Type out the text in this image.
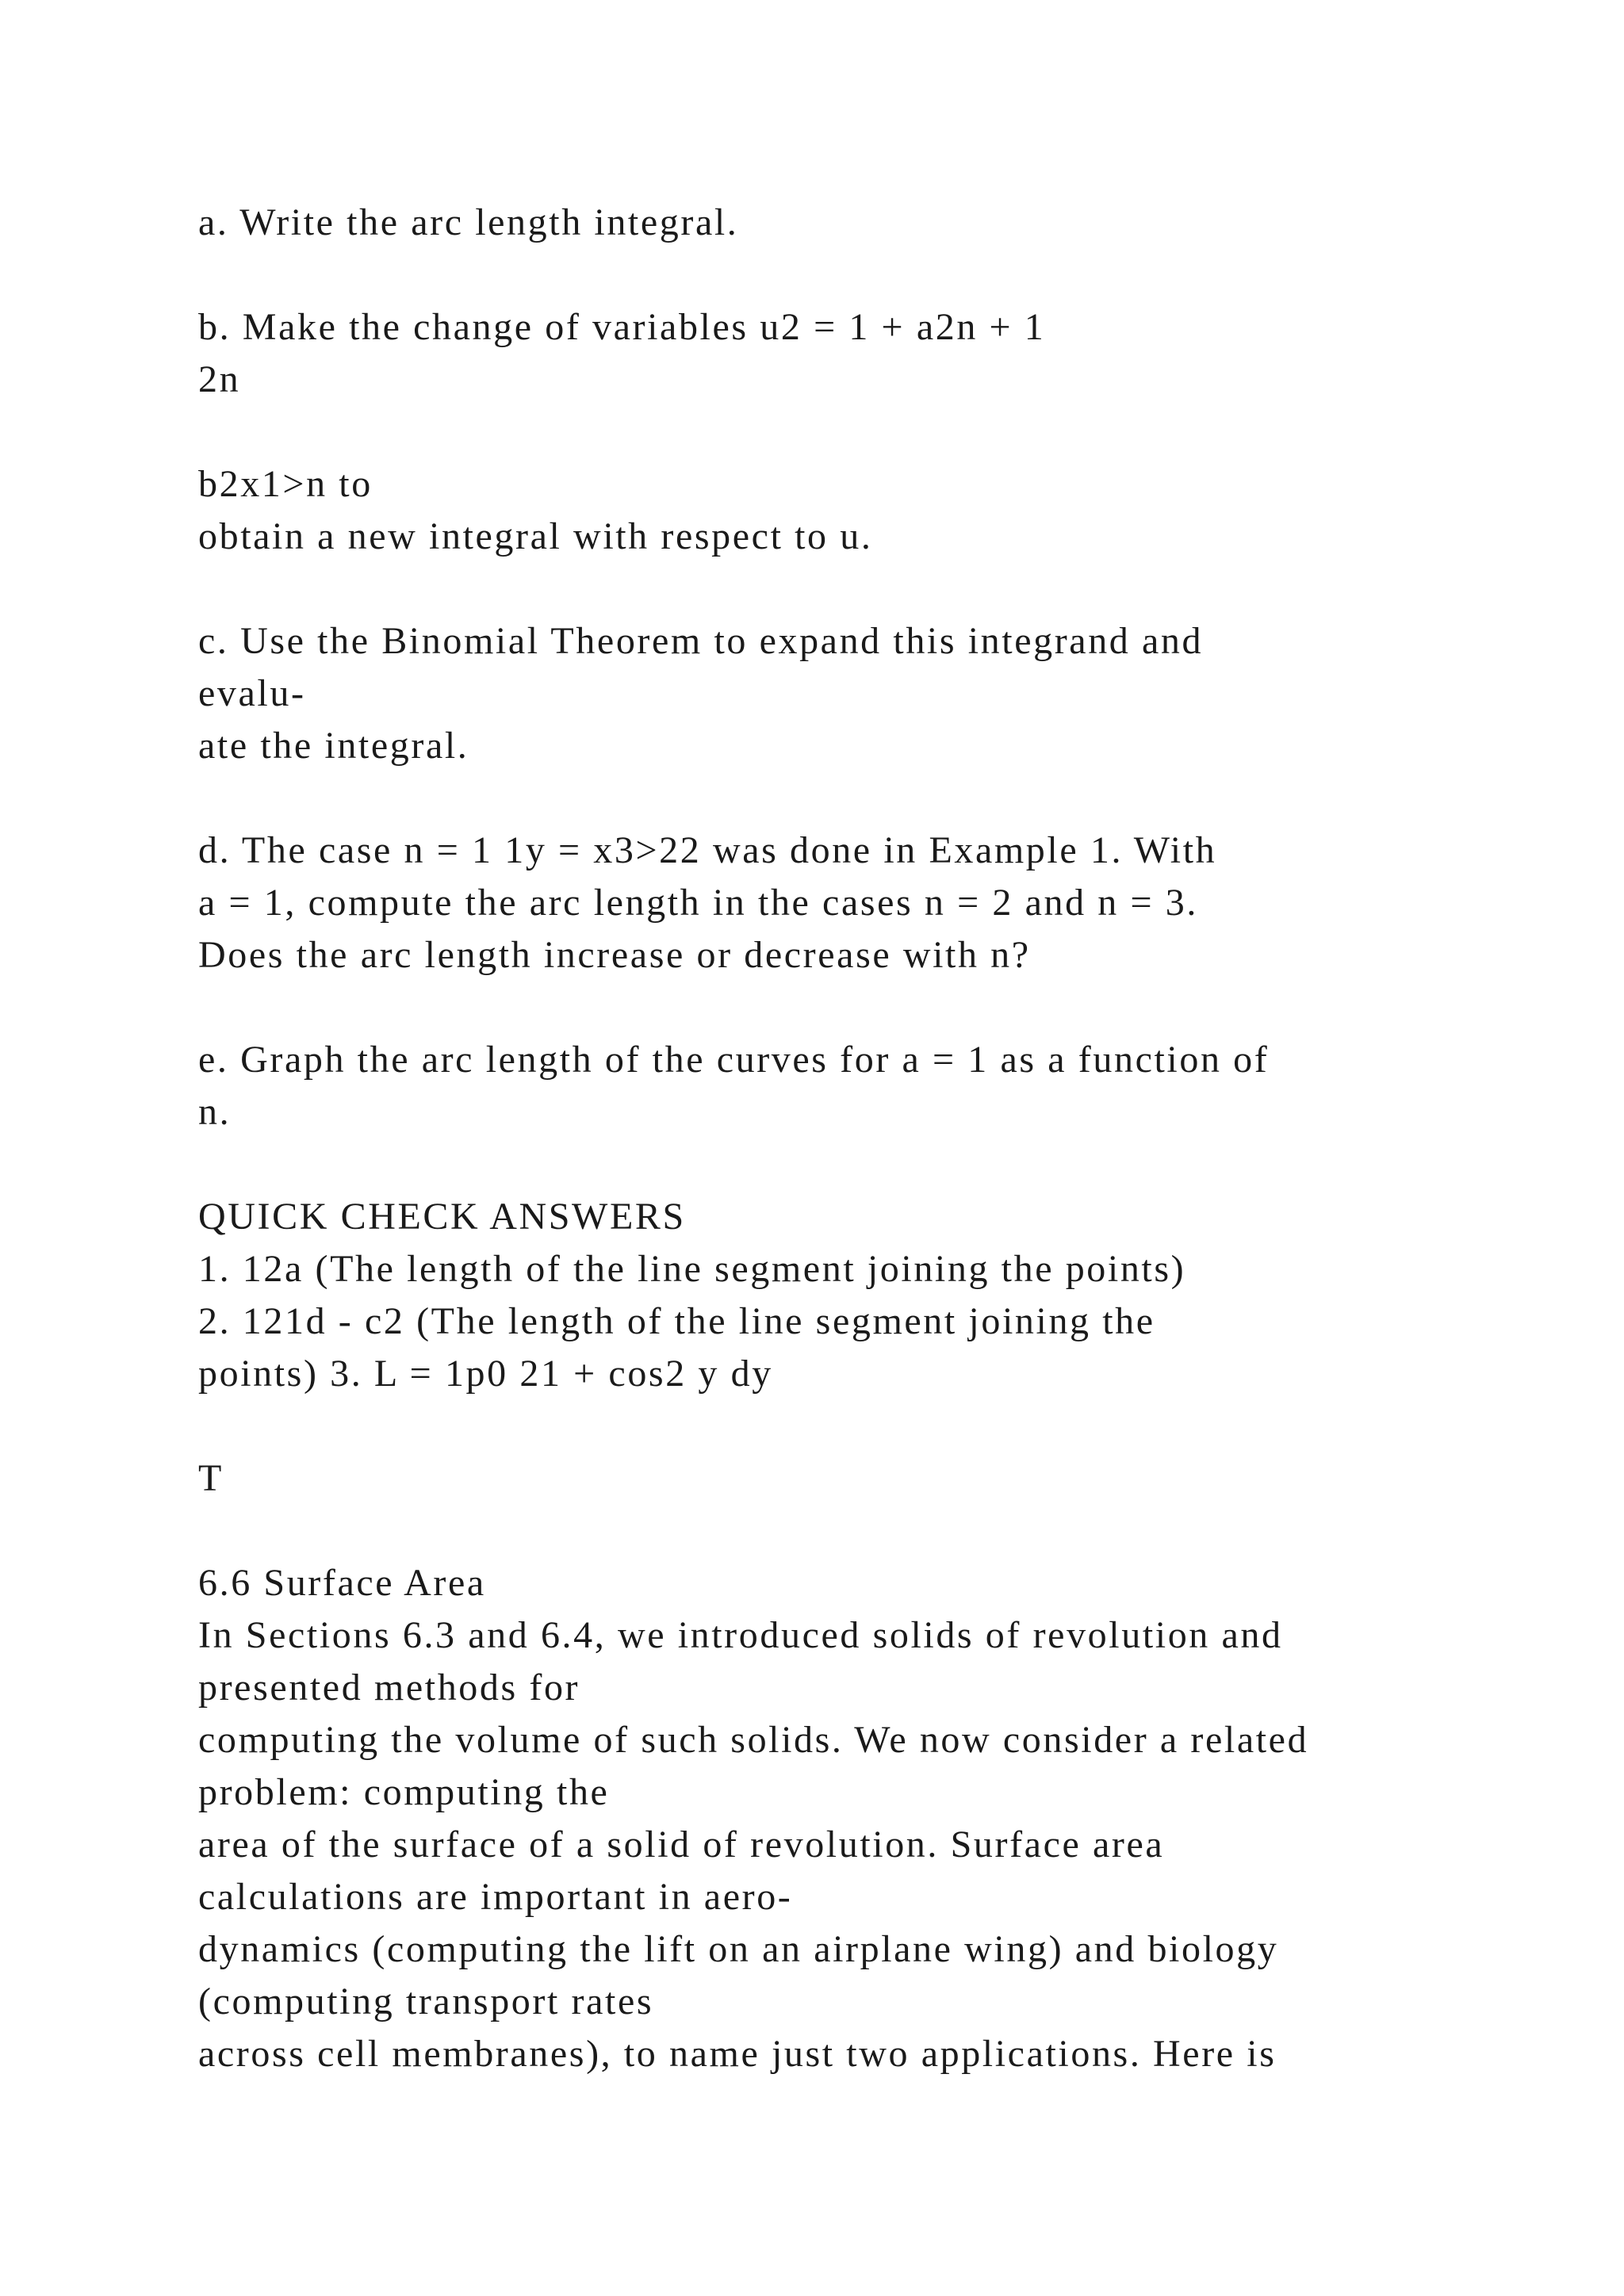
a. Write the arc length integral.
b. Make the change of variables u2 = 1 + a2n + 1
2n
b2x1>n to
obtain a new integral with respect to u.
c. Use the Binomial Theorem to expand this integrand and
evalu-
ate the integral.
d. The case n = 1 1y = x3>22 was done in Example 1. With
a = 1, compute the arc length in the cases n = 2 and n = 3.
Does the arc length increase or decrease with n?
e. Graph the arc length of the curves for a = 1 as a function of
n.
QUICK CHECK ANSWERS
1. 12a (The length of the line segment joining the points)
2. 121d - c2 (The length of the line segment joining the
points) 3. L = 1p0 21 + cos2 y dy
T
6.6 Surface Area
In Sections 6.3 and 6.4, we introduced solids of revolution and
presented methods for
computing the volume of such solids. We now consider a related
problem: computing the
area of the surface of a solid of revolution. Surface area
calculations are important in aero-
dynamics (computing the lift on an airplane wing) and biology
(computing transport rates
across cell membranes), to name just two applications. Here is
